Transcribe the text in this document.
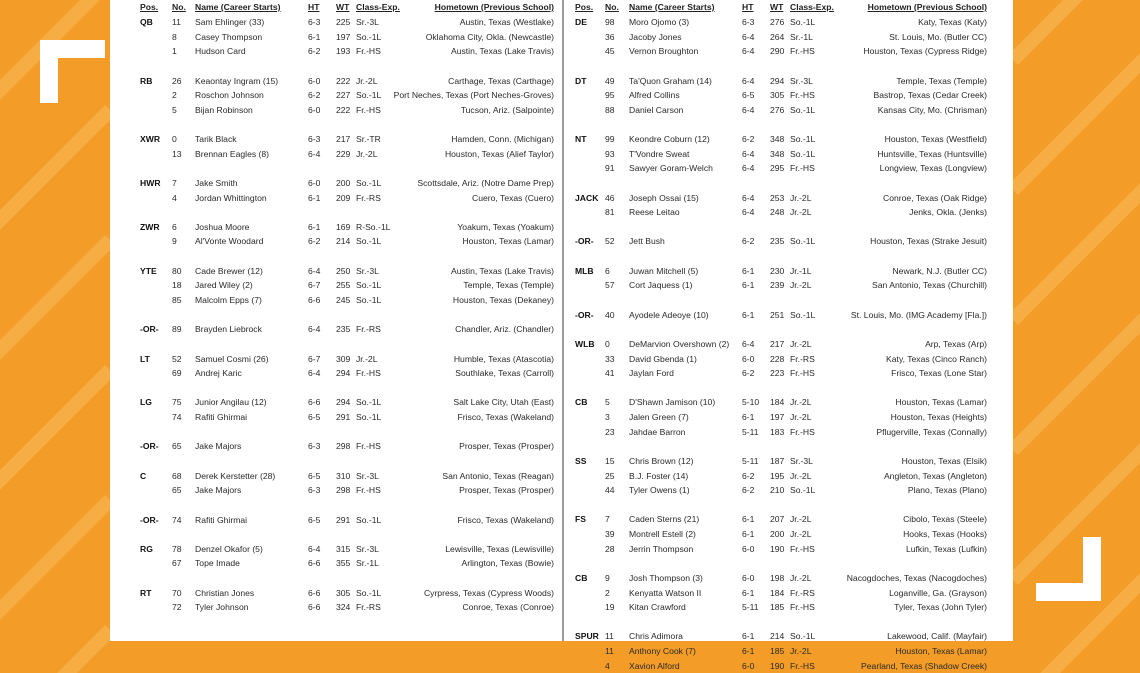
Pos. No. Name (Career Starts)	HT WT Class-Exp.	Hometown (Previous School)
QB 11 Sam Ehlinger (33)	6-3 225 Sr.-3L	Austin, Texas (Westlake)
8 Casey Thompson	6-1 197 So.-1L	Oklahoma City, Okla. (Newcastle)
1 Hudson Card	6-2 193 Fr.-HS	Austin, Texas (Lake Travis)
RB 26 Keaontay Ingram (15)	6-0 222 Jr.-2L	Carthage, Texas (Carthage)
2 Roschon Johnson	6-2 227 So.-1L Port Neches, Texas (Port Neches-Groves)
5 Bijan Robinson	6-0 222 Fr.-HS	Tucson, Ariz. (Salpointe)
XWR 0 Tarik Black	6-3 217 Sr.-TR	Hamden, Conn. (Michigan)
13 Brennan Eagles (8)	6-4 229 Jr.-2L	Houston, Texas (Alief Taylor)
HWR 7 Jake Smith	6-0 200 So.-1L	Scottsdale, Ariz. (Notre Dame Prep)
4 Jordan Whittington	6-1 209 Fr.-RS	Cuero, Texas (Cuero)
ZWR 6 Joshua Moore	6-1 169 R-So.-1L	Yoakum, Texas (Yoakum)
9 Al'Vonte Woodard	6-2 214 So.-1L	Houston, Texas (Lamar)
YTE 80 Cade Brewer (12)	6-4 250 Sr.-3L	Austin, Texas (Lake Travis)
18 Jared Wiley (2)	6-7 255 So.-1L	Temple, Texas (Temple)
85 Malcolm Epps (7)	6-6 245 So.-1L	Houston, Texas (Dekaney)
-OR- 89 Brayden Liebrock	6-4 235 Fr.-RS	Chandler, Ariz. (Chandler)
LT	52 Samuel Cosmi (26)	6-7 309 Jr.-2L	Humble, Texas (Atascotia)
69 Andrej Karic	6-4 294 Fr.-HS	Southlake, Texas (Carroll)
LG 75 Junior Angilau (12)	6-6 294 So.-1L	Salt Lake City, Utah (East)
74 Rafiti Ghirmai	6-5 291 So.-1L	Frisco, Texas (Wakeland)
-OR- 65 Jake Majors	6-3 298 Fr.-HS	Prosper, Texas (Prosper)
C	68 Derek Kerstetter (28)	6-5 310 Sr.-3L	San Antonio, Texas (Reagan)
65 Jake Majors	6-3 298 Fr.-HS	Prosper, Texas (Prosper)
-OR- 74 Rafiti Ghirmai	6-5 291 So.-1L	Frisco, Texas (Wakeland)
RG 78 Denzel Okafor (5)	6-4 315 Sr.-3L	Lewisville, Texas (Lewisville)
67 Tope Imade	6-6 355 Sr.-1L	Arlington, Texas (Bowie)
RT 70 Christian Jones	6-6 305 So.-1L	Cyrpress, Texas (Cypress Woods)
72 Tyler Johnson	6-6 324 Fr.-RS	Conroe, Texas (Conroe)
Pos. No. Name (Career Starts)	HT WT Class-Exp.	Hometown (Previous School)
DE 98 Moro Ojomo (3)	6-3 276 So.-1L	Katy, Texas (Katy)
36 Jacoby Jones	6-4 264 Sr.-1L	St. Louis, Mo. (Butler CC)
45 Vernon Broughton	6-4 290 Fr.-HS	Houston, Texas (Cypress Ridge)
DT 49 Ta'Quon Graham (14)	6-4 294 Sr.-3L	Temple, Texas (Temple)
95 Alfred Collins	6-5 305 Fr.-HS	Bastrop, Texas (Cedar Creek)
88 Daniel Carson	6-4 276 So.-1L	Kansas City, Mo. (Chrisman)
NT 99 Keondre Coburn (12)	6-2 348 So.-1L	Houston, Texas (Westfield)
93 T'Vondre Sweat	6-4 348 So.-1L	Huntsville, Texas (Huntsville)
91 Sawyer Goram-Welch	6-4 295 Fr.-HS	Longview, Texas (Longview)
JACK 46 Joseph Ossai (15)	6-4 253 Jr.-2L	Conroe, Texas (Oak Ridge)
81 Reese Leitao	6-4 248 Jr.-2L	Jenks, Okla. (Jenks)
-OR- 52 Jett Bush	6-2 235 So.-1L	Houston, Texas (Strake Jesuit)
MLB 6 Juwan Mitchell (5)	6-1 230 Jr.-1L	Newark, N.J. (Butler CC)
57 Cort Jaquess (1)	6-1 239 Jr.-2L	San Antonio, Texas (Churchill)
-OR- 40 Ayodele Adeoye (10)	6-1 251 So.-1L	St. Louis, Mo. (IMG Academy [Fla.])
WLB 0 DeMarvion Overshown (2) 6-4 217 Jr.-2L	Arp, Texas (Arp)
33 David Gbenda (1)	6-0 228 Fr.-RS	Katy, Texas (Cinco Ranch)
41 Jaylan Ford	6-2 223 Fr.-HS	Frisco, Texas (Lone Star)
CB 5 D'Shawn Jamison (10)	5-10 184 Jr.-2L	Houston, Texas (Lamar)
3 Jalen Green (7)	6-1 197 Jr.-2L	Houston, Texas (Heights)
23 Jahdae Barron	5-11 183 Fr.-HS	Pflugerville, Texas (Connally)
SS 15 Chris Brown (12)	5-11 187 Sr.-3L	Houston, Texas (Elsik)
25 B.J. Foster (14)	6-2 195 Jr.-2L	Angleton, Texas (Angleton)
44 Tyler Owens (1)	6-2 210 So.-1L	Plano, Texas (Plano)
FS 7 Caden Sterns (21)	6-1 207 Jr.-2L	Cibolo, Texas (Steele)
39 Montrell Estell (2)	6-1 200 Jr.-2L	Hooks, Texas (Hooks)
28 Jerrin Thompson	6-0 190 Fr.-HS	Lufkin, Texas (Lufkin)
CB 9 Josh Thompson (3)	6-0 198 Jr.-2L	Nacogdoches, Texas (Nacogdoches)
2 Kenyatta Watson II	6-1 184 Fr.-RS	Loganville, Ga. (Grayson)
19 Kitan Crawford	5-11 185 Fr.-HS	Tyler, Texas (John Tyler)
SPUR 11 Chris Adimora	6-1 214 So.-1L	Lakewood, Calif. (Mayfair)
11 Anthony Cook (7)	6-1 185 Jr.-2L	Houston, Texas (Lamar)
4 Xavion Alford	6-0 190 Fr.-HS	Pearland, Texas (Shadow Creek)
